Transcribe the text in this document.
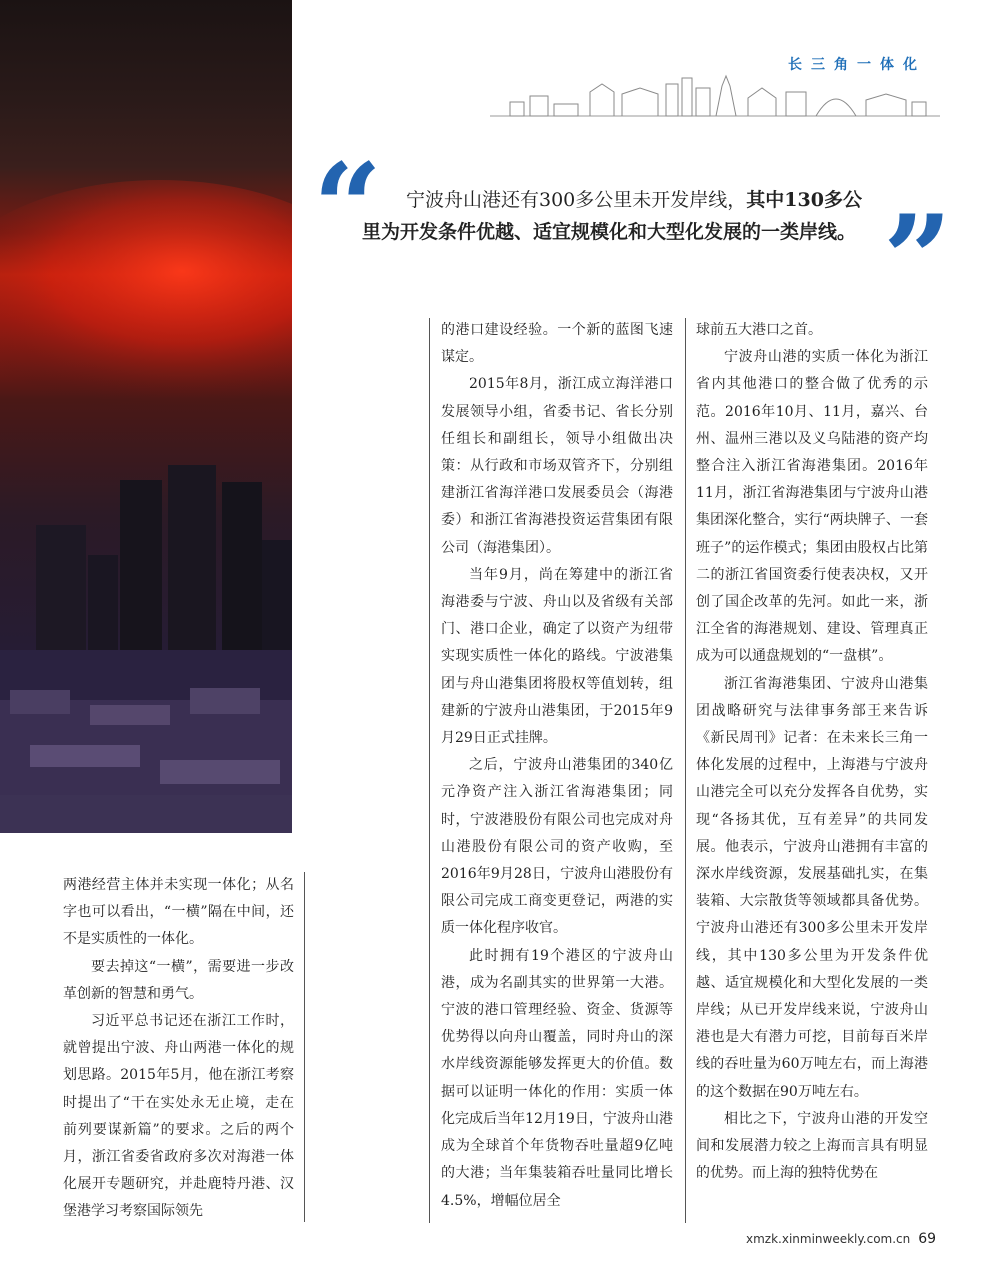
长三角一体化
“	宁波舟山港还有300多公里未开发岸线，其中130多公里为开发条件优越、适宜规模化和大型化发展的一类岸线。 ”

两港经营主体并未实现一体化；从名字也可以看出，“一横”隔在中间，还不是实质性的一体化。

要去掉这“一横”，需要进一步改革创新的智慧和勇气。

习近平总书记还在浙江工作时，就曾提出宁波、舟山两港一体化的规划思路。2015年5月，他在浙江考察时提出了“干在实处永无止境，走在前列要谋新篇”的要求。之后的两个月，浙江省委省政府多次对海港一体化展开专题研究，并赴鹿特丹港、汉堡港学习考察国际领先

的港口建设经验。一个新的蓝图飞速谋定。

2015年8月，浙江成立海洋港口发展领导小组，省委书记、省长分别任组长和副组长，领导小组做出决策：从行政和市场双管齐下，分别组建浙江省海洋港口发展委员会（海港委）和浙江省海港投资运营集团有限公司（海港集团）。

当年9月，尚在筹建中的浙江省海港委与宁波、舟山以及省级有关部门、港口企业，确定了以资产为纽带实现实质性一体化的路线。宁波港集团与舟山港集团将股权等值划转，组建新的宁波舟山港集团，于2015年9月29日正式挂牌。

之后，宁波舟山港集团的340亿元净资产注入浙江省海港集团；同时，宁波港股份有限公司也完成对舟山港股份有限公司的资产收购，至2016年9月28日，宁波舟山港股份有限公司完成工商变更登记，两港的实质一体化程序收官。

此时拥有19个港区的宁波舟山港，成为名副其实的世界第一大港。宁波的港口管理经验、资金、货源等优势得以向舟山覆盖，同时舟山的深水岸线资源能够发挥更大的价值。数据可以证明一体化的作用：实质一体化完成后当年12月19日，宁波舟山港成为全球首个年货物吞吐量超9亿吨的大港；当年集装箱吞吐量同比增长4.5%，增幅位居全

球前五大港口之首。

宁波舟山港的实质一体化为浙江省内其他港口的整合做了优秀的示范。2016年10月、11月，嘉兴、台州、温州三港以及义乌陆港的资产均整合注入浙江省海港集团。2016年11月，浙江省海港集团与宁波舟山港集团深化整合，实行“两块牌子、一套班子”的运作模式；集团由股权占比第二的浙江省国资委行使表决权，又开创了国企改革的先河。如此一来，浙江全省的海港规划、建设、管理真正成为可以通盘规划的“一盘棋”。

浙江省海港集团、宁波舟山港集团战略研究与法律事务部王来告诉《新民周刊》记者：在未来长三角一体化发展的过程中，上海港与宁波舟山港完全可以充分发挥各自优势，实现“各扬其优，互有差异”的共同发展。他表示，宁波舟山港拥有丰富的深水岸线资源，发展基础扎实，在集装箱、大宗散货等领域都具备优势。宁波舟山港还有300多公里未开发岸线，其中130多公里为开发条件优越、适宜规模化和大型化发展的一类岸线；从已开发岸线来说，宁波舟山港也是大有潜力可挖，目前每百米岸线的吞吐量为60万吨左右，而上海港的这个数据在90万吨左右。

相比之下，宁波舟山港的开发空间和发展潜力较之上海而言具有明显的优势。而上海的独特优势在

xmzk.xinminweekly.com.cn 69
